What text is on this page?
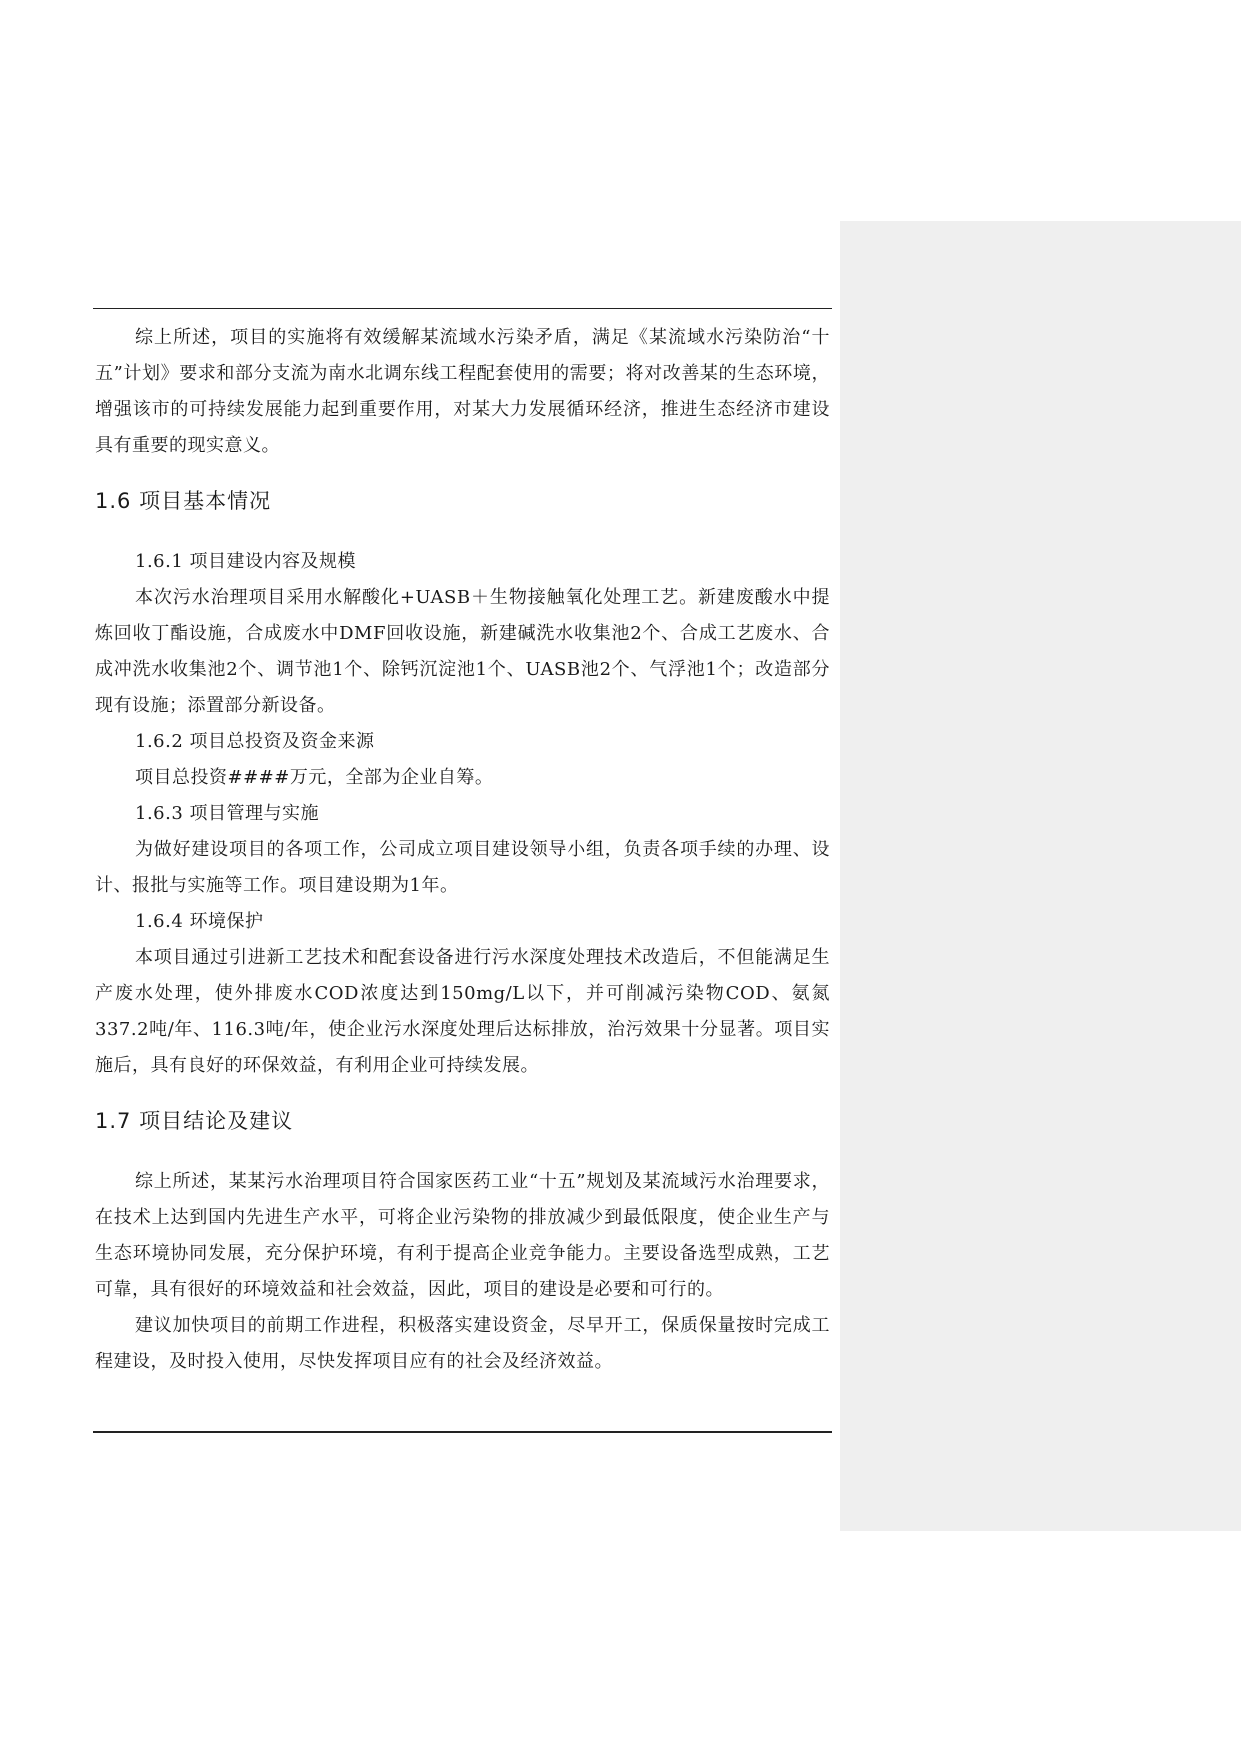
综上所述，项目的实施将有效缓解某流域水污染矛盾，满足《某流域水污染防治“十五”计划》要求和部分支流为南水北调东线工程配套使用的需要；将对改善某的生态环境，增强该市的可持续发展能力起到重要作用，对某大力发展循环经济，推进生态经济市建设具有重要的现实意义。

1.6 项目基本情况
1.6.1 项目建设内容及规模

本次污水治理项目采用水解酸化+UASB＋生物接触氧化处理工艺。新建废酸水中提炼回收丁酯设施，合成废水中DMF回收设施，新建碱洗水收集池2个、合成工艺废水、合成冲洗水收集池2个、调节池1个、除钙沉淀池1个、UASB池2个、气浮池1个；改造部分现有设施；添置部分新设备。

1.6.2 项目总投资及资金来源

项目总投资####万元，全部为企业自筹。

1.6.3 项目管理与实施

为做好建设项目的各项工作，公司成立项目建设领导小组，负责各项手续的办理、设计、报批与实施等工作。项目建设期为1年。

1.6.4 环境保护

本项目通过引进新工艺技术和配套设备进行污水深度处理技术改造后，不但能满足生产废水处理，使外排废水COD浓度达到150mg/L以下，并可削减污染物COD、氨氮337.2吨/年、116.3吨/年，使企业污水深度处理后达标排放，治污效果十分显著。项目实施后，具有良好的环保效益，有利用企业可持续发展。

1.7 项目结论及建议

综上所述，某某污水治理项目符合国家医药工业“十五”规划及某流域污水治理要求，在技术上达到国内先进生产水平，可将企业污染物的排放减少到最低限度，使企业生产与生态环境协同发展，充分保护环境，有利于提高企业竞争能力。主要设备选型成熟，工艺可靠，具有很好的环境效益和社会效益，因此，项目的建设是必要和可行的。

建议加快项目的前期工作进程，积极落实建设资金，尽早开工，保质保量按时完成工程建设，及时投入使用，尽快发挥项目应有的社会及经济效益。
